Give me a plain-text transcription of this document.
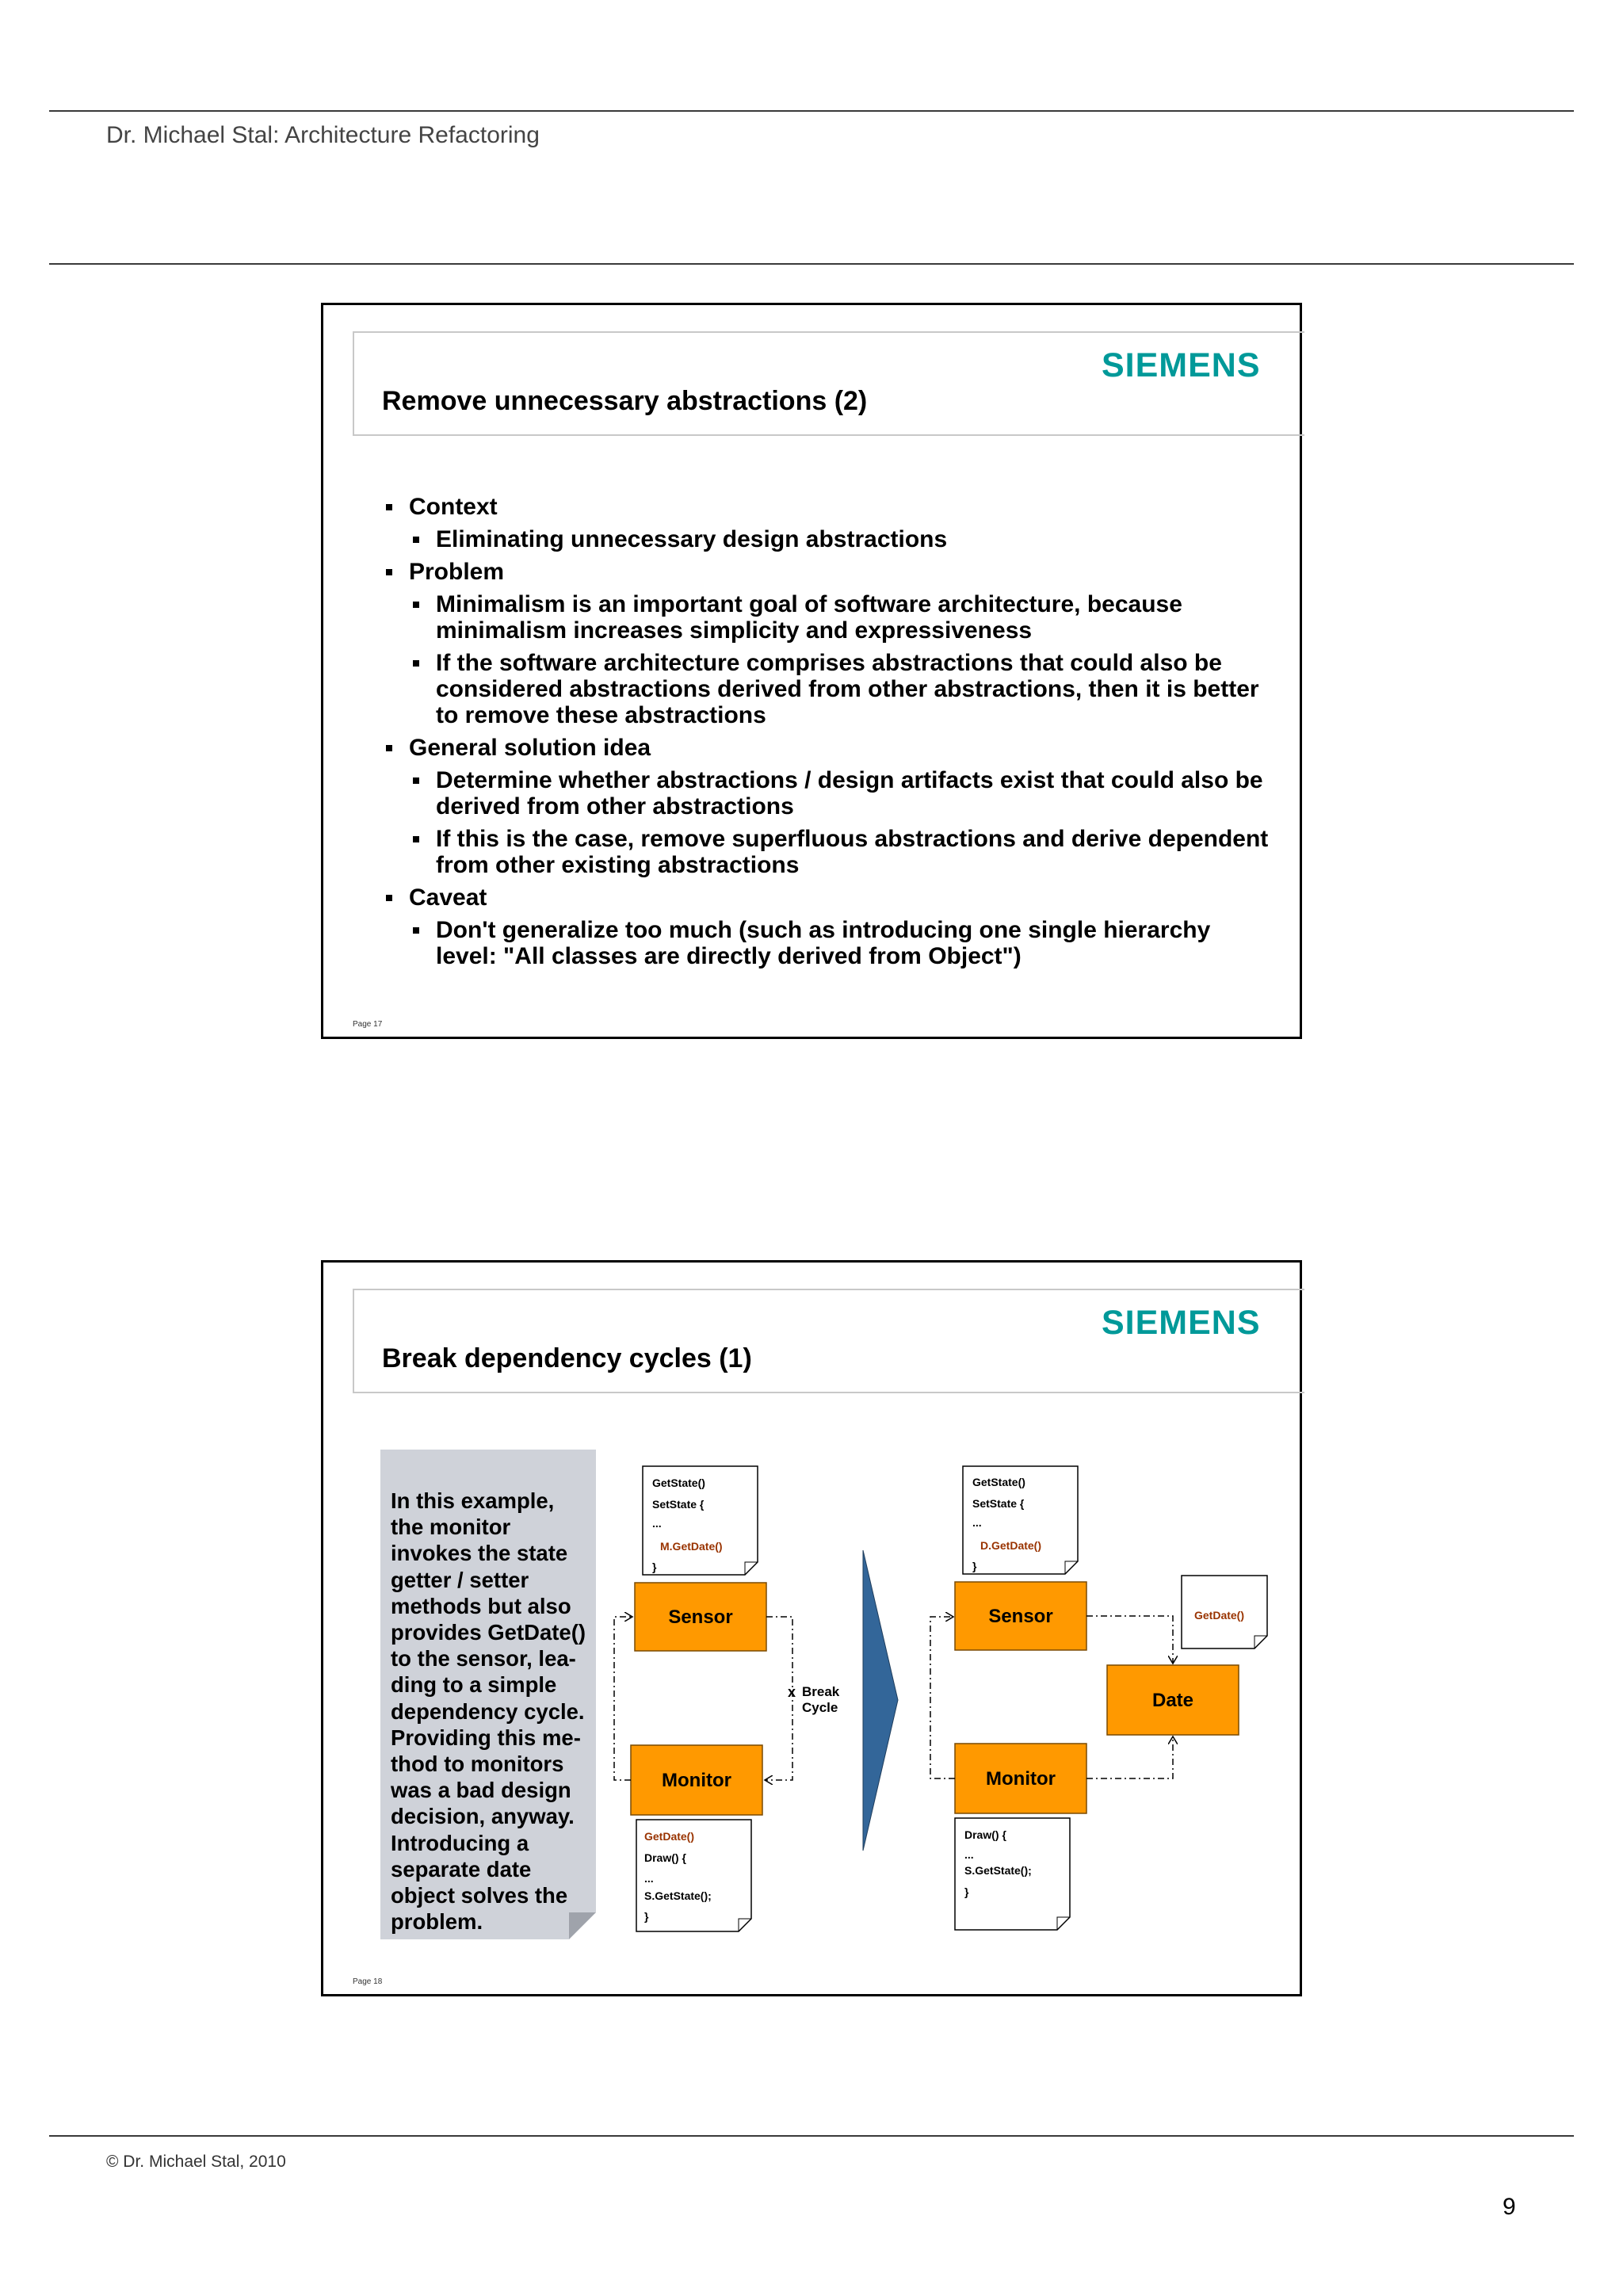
Dr. Michael Stal: Architecture Refactoring
SIEMENS
Remove unnecessary abstractions (2)
Context
Eliminating unnecessary design abstractions
Problem
Minimalism is an important goal of software architecture, because minimalism increases simplicity and expressiveness
If the software architecture comprises abstractions that could also be considered abstractions derived from other abstractions, then it is better to remove these abstractions
General solution idea
Determine whether abstractions / design artifacts exist that could also be derived from other abstractions
If this is the case, remove superfluous abstractions and derive dependent from other existing abstractions
Caveat
Don't generalize too much (such as introducing one single hierarchy level: "All classes are directly derived from Object")
Page 17
SIEMENS
Break dependency cycles (1)
In this example,
the monitor
invokes the state
getter / setter
methods but also
provides GetDate()
to the sensor, lea-
ding to a simple
dependency cycle.
Providing this me-
thod to monitors
was a bad design
decision, anyway.
Introducing a
separate date
object solves the
problem.
GetState()
SetState {
...
M.GetDate()
}
Sensor
Monitor
GetDate()
Draw() {
...
S.GetState();
}
x Break
Cycle
GetState()
SetState {
...
D.GetDate()
}
Sensor
Monitor
Draw() {
...
S.GetState();
}
Date
GetDate()
Page 18
© Dr. Michael Stal, 2010
9
